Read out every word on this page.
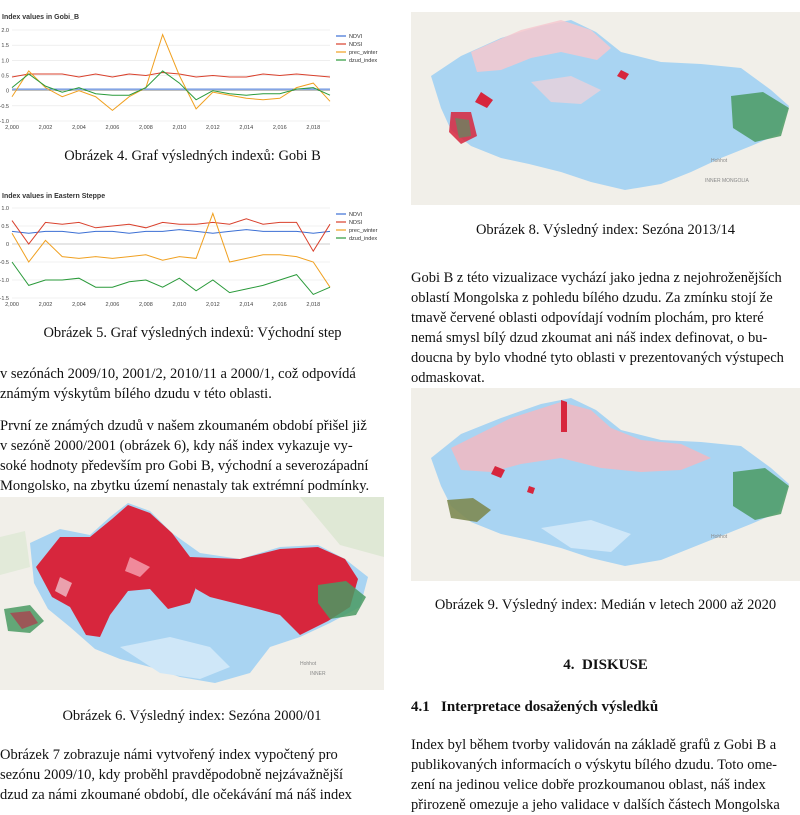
Index values in Gobi_B
2.0
1.5
1.0
0.5
0
-0.5
-1.0
2,000	2,002	2,004	2,006	2,008	2,010	2,012	2,014	2,016	2,018
NDVI
NDSI
prec_winter
dzud_index
Obrázek 4. Graf výsledných indexů: Gobi B
Index values in Eastern Steppe
1.0
0.5
0
-0.5
-1.0
-1.5
2,000	2,002	2,004	2,006	2,008	2,010	2,012	2,014	2,016	2,018
NDVI
NDSI
prec_winter
dzud_index
Obrázek 5. Graf výsledných indexů: Východní step
v sezónách 2009/10, 2001/2, 2010/11 a 2000/1, což odpovídá
známým výskytům bílého dzudu v této oblasti.
První ze známých dzudů v našem zkoumaném období přišel již
v sezóně 2000/2001 (obrázek 6), kdy náš index vykazuje vy-
soké hodnoty především pro Gobi B, východní a severozápadní
Mongolsko, na zbytku území nenastaly tak extrémní podmínky.
Hohhot
INNER
Obrázek 6. Výsledný index: Sezóna 2000/01
Obrázek 7 zobrazuje námi vytvořený index vypočtený pro
sezónu 2009/10, kdy proběhl pravděpodobně nejzávažnější
dzud za námi zkoumané období, dle očekávání má náš index
Hohhot
INNER MONGOLIA
Obrázek 8. Výsledný index: Sezóna 2013/14
Gobi B z této vizualizace vychází jako jedna z nejohroženějších
oblastí Mongolska z pohledu bílého dzudu. Za zmínku stojí že
tmavě červené oblasti odpovídají vodním plochám, pro které
nemá smysl bílý dzud zkoumat ani náš index definovat, o bu-
doucna by bylo vhodné tyto oblasti v prezentovaných výstupech
odmaskovat.
Hohhot
Obrázek 9. Výsledný index: Medián v letech 2000 až 2020
4. DISKUSE
4.1 Interpretace dosažených výsledků
Index byl během tvorby validován na základě grafů z Gobi B a
publikovaných informacích o výskytu bílého dzudu. Toto ome-
zení na jedinou velice dobře prozkoumanou oblast, náš index
přirozeně omezuje a jeho validace v dalších částech Mongolska
